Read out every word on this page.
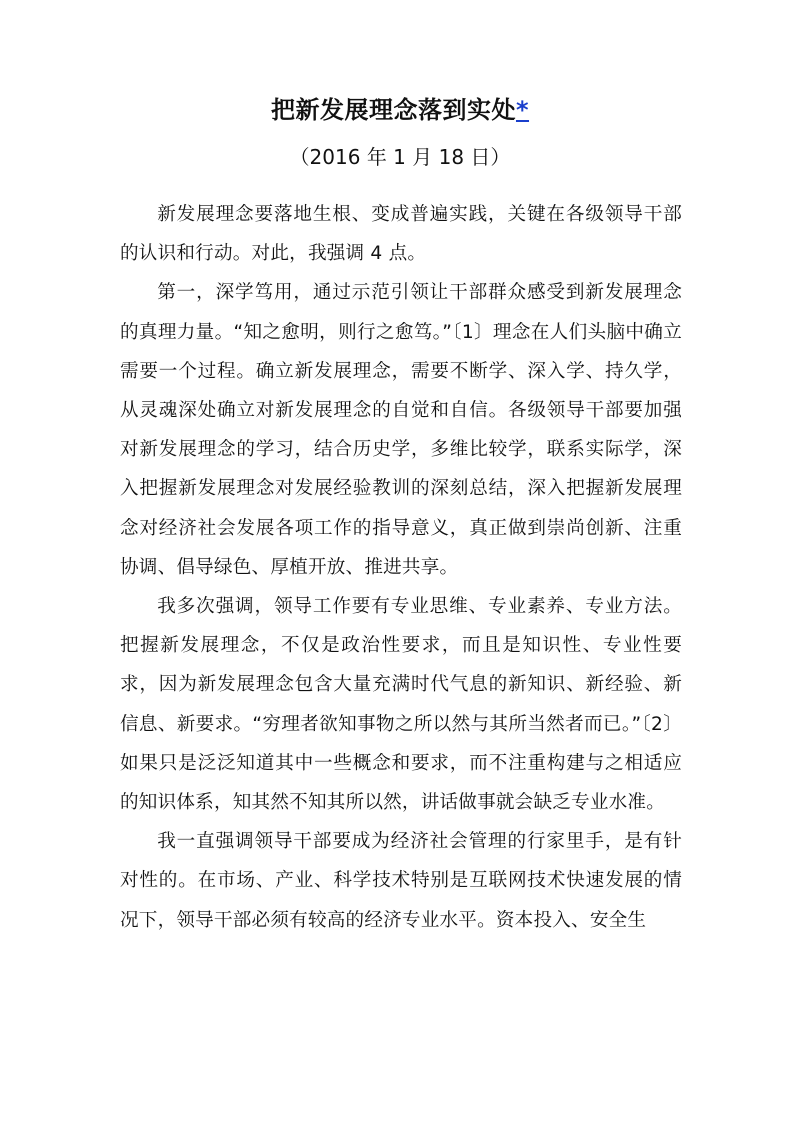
把新发展理念落到实处*
（2016 年 1 月 18 日）

新发展理念要落地生根、变成普遍实践，关键在各级领导干部的认识和行动。对此，我强调 4 点。

第一，深学笃用，通过示范引领让干部群众感受到新发展理念的真理力量。“知之愈明，则行之愈笃。”〔1〕理念在人们头脑中确立需要一个过程。确立新发展理念，需要不断学、深入学、持久学，从灵魂深处确立对新发展理念的自觉和自信。各级领导干部要加强对新发展理念的学习，结合历史学，多维比较学，联系实际学，深入把握新发展理念对发展经验教训的深刻总结，深入把握新发展理念对经济社会发展各项工作的指导意义，真正做到崇尚创新、注重协调、倡导绿色、厚植开放、推进共享。

我多次强调，领导工作要有专业思维、专业素养、专业方法。把握新发展理念，不仅是政治性要求，而且是知识性、专业性要求，因为新发展理念包含大量充满时代气息的新知识、新经验、新信息、新要求。“穷理者欲知事物之所以然与其所当然者而已。”〔2〕如果只是泛泛知道其中一些概念和要求，而不注重构建与之相适应的知识体系，知其然不知其所以然，讲话做事就会缺乏专业水准。

我一直强调领导干部要成为经济社会管理的行家里手，是有针对性的。在市场、产业、科学技术特别是互联网技术快速发展的情况下，领导干部必须有较高的经济专业水平。资本投入、安全生
